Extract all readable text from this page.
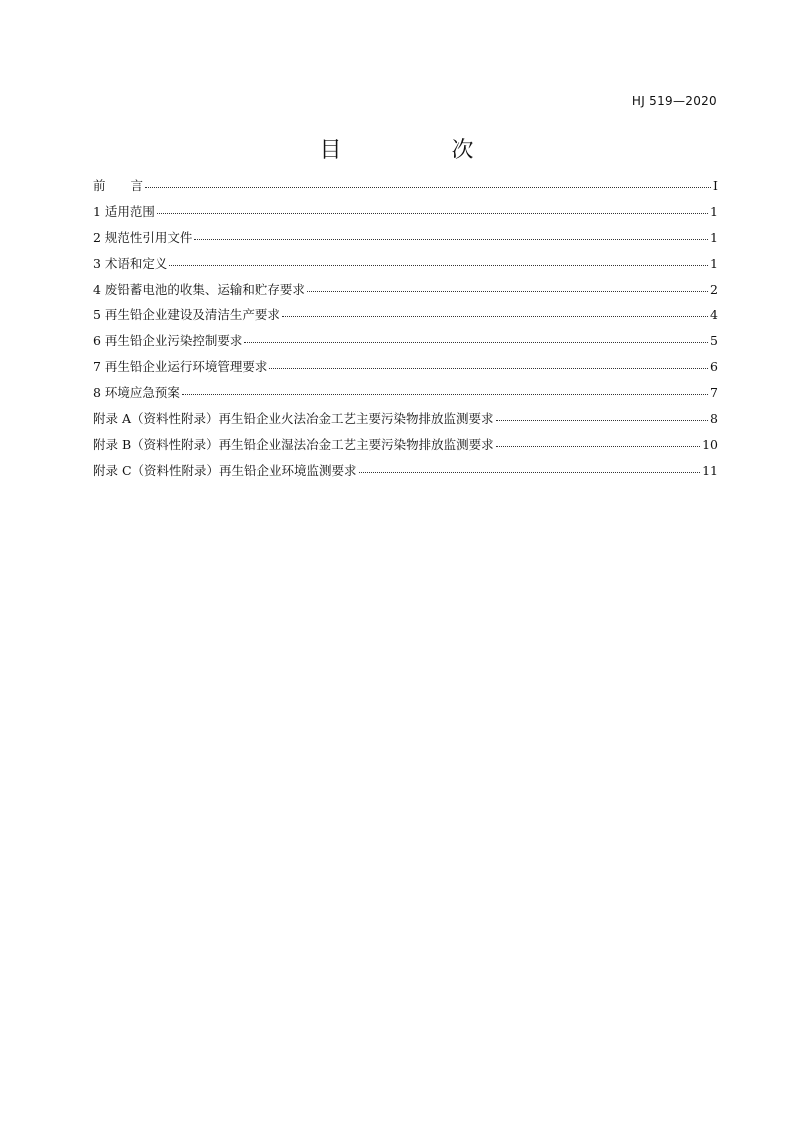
HJ 519—2020
目　次
前　　言	I
1 适用范围	1
2 规范性引用文件	1
3 术语和定义	1
4 废铅蓄电池的收集、运输和贮存要求	2
5 再生铅企业建设及清洁生产要求	4
6 再生铅企业污染控制要求	5
7 再生铅企业运行环境管理要求	6
8 环境应急预案	7
附录 A（资料性附录）再生铅企业火法冶金工艺主要污染物排放监测要求	8
附录 B（资料性附录）再生铅企业湿法冶金工艺主要污染物排放监测要求	10
附录 C（资料性附录）再生铅企业环境监测要求	11
